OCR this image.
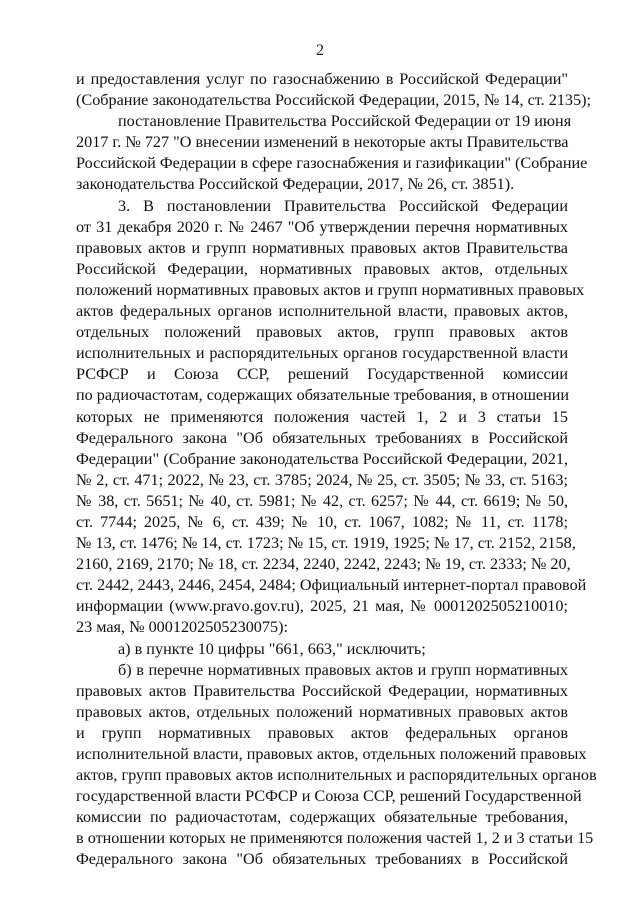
2
и предоставления услуг по газоснабжению в Российской Федерации"
(Собрание законодательства Российской Федерации, 2015, № 14, ст. 2135);
постановление Правительства Российской Федерации от 19 июня
2017 г. № 727 "О внесении изменений в некоторые акты Правительства
Российской Федерации в сфере газоснабжения и газификации" (Собрание
законодательства Российской Федерации, 2017, № 26, ст. 3851).
3. В постановлении Правительства Российской Федерации
от 31 декабря 2020 г. № 2467 "Об утверждении перечня нормативных
правовых актов и групп нормативных правовых актов Правительства
Российской Федерации, нормативных правовых актов, отдельных
положений нормативных правовых актов и групп нормативных правовых
актов федеральных органов исполнительной власти, правовых актов,
отдельных положений правовых актов, групп правовых актов
исполнительных и распорядительных органов государственной власти
РСФСР и Союза ССР, решений Государственной комиссии
по радиочастотам, содержащих обязательные требования, в отношении
которых не применяются положения частей 1, 2 и 3 статьи 15
Федерального закона "Об обязательных требованиях в Российской
Федерации" (Собрание законодательства Российской Федерации, 2021,
№ 2, ст. 471; 2022, № 23, ст. 3785; 2024, № 25, ст. 3505; № 33, ст. 5163;
№ 38, ст. 5651; № 40, ст. 5981; № 42, ст. 6257; № 44, ст. 6619; № 50,
ст. 7744; 2025, № 6, ст. 439; № 10, ст. 1067, 1082; № 11, ст. 1178;
№ 13, ст. 1476; № 14, ст. 1723; № 15, ст. 1919, 1925; № 17, ст. 2152, 2158,
2160, 2169, 2170; № 18, ст. 2234, 2240, 2242, 2243; № 19, ст. 2333; № 20,
ст. 2442, 2443, 2446, 2454, 2484; Официальный интернет-портал правовой
информации (www.pravo.gov.ru), 2025, 21 мая, № 0001202505210010;
23 мая, № 0001202505230075):
а) в пункте 10 цифры "661, 663," исключить;
б) в перечне нормативных правовых актов и групп нормативных
правовых актов Правительства Российской Федерации, нормативных
правовых актов, отдельных положений нормативных правовых актов
и групп нормативных правовых актов федеральных органов
исполнительной власти, правовых актов, отдельных положений правовых
актов, групп правовых актов исполнительных и распорядительных органов
государственной власти РСФСР и Союза ССР, решений Государственной
комиссии по радиочастотам, содержащих обязательные требования,
в отношении которых не применяются положения частей 1, 2 и 3 статьи 15
Федерального закона "Об обязательных требованиях в Российской
